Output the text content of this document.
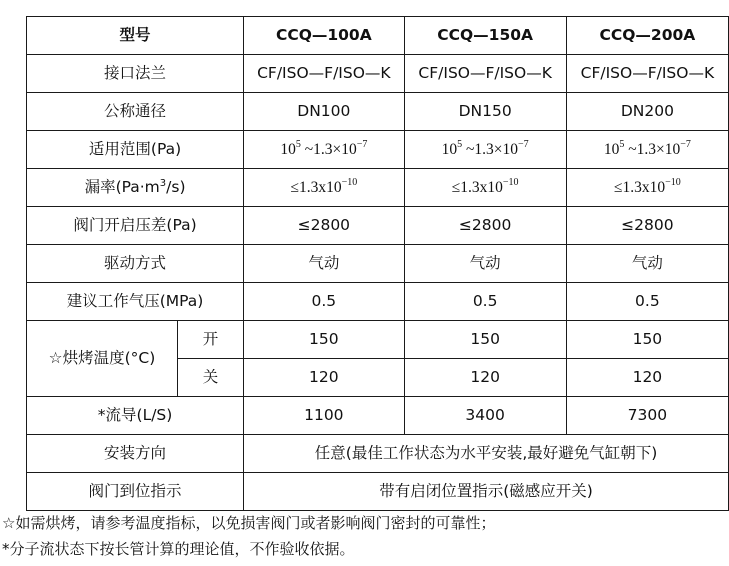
型号		CCQ—100A	CCQ—150A	CCQ—200A
接口法兰		CF/ISO—F/ISO—K	CF/ISO—F/ISO—K	CF/ISO—F/ISO—K
公称通径		DN100	DN150	DN200
适用范围(Pa)		$10^5$ $\sim 1.3\times 10^{-7}$	$10^5$ $\sim 1.3\times 10^{-7}$	$10^5$ $\sim 1.3\times 10^{-7}$
漏率$(Pa\cdot m^3/s)$		$\le 1.3x10^{-10}$	$\le 1.3x10^{-10}$	$\le 1.3x10^{-10}$
阀门开启压差(Pa)		≤2800	≤2800	≤2800
驱动方式		气动	气动	气动
建议工作气压(MPa)		0.5	0.5	0.5
☆烘烤温度(°C)	开	150	150	150
	关	120	120	120
*流导(L/S)		1100	3400	7300
安装方向		任意(最佳工作状态为水平安装,最好避免气缸朝下)		
阀门到位指示		带有启闭位置指示(磁感应开关)		
☆如需烘烤，请参考温度指标，以免损害阀门或者影响阀门密封的可靠性；
*分子流状态下按长管计算的理论值，不作验收依据。
